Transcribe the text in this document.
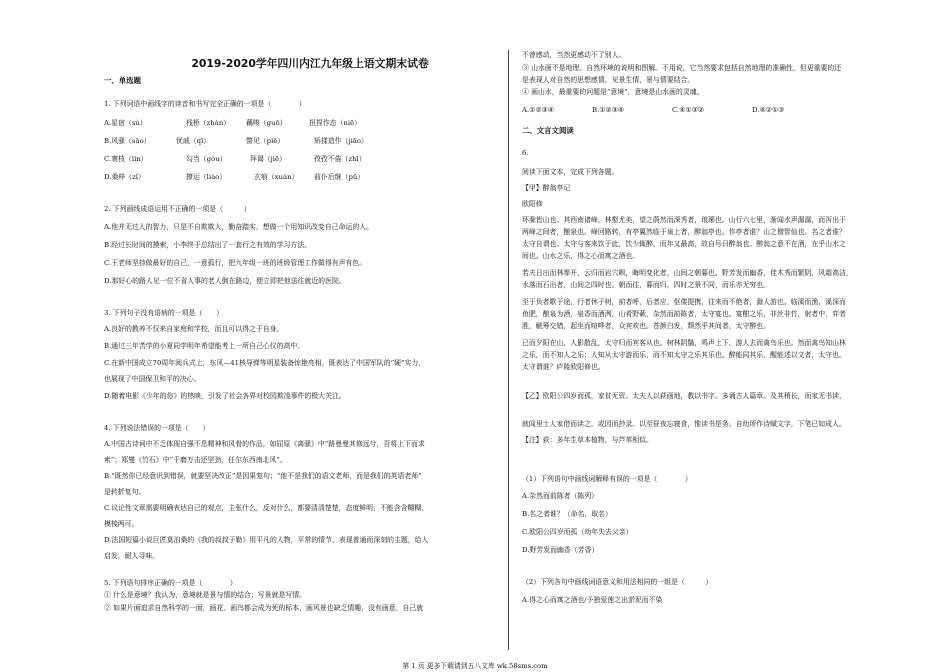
2019-2020学年四川内江九年级上语文期末试卷
一、单选题
1. 下列词语中画线字的读音和书写完全正确的一项是（　　　　）
A.星宿（sù）	栈桥（zhàn） 藕唆（guō）	扭捏作态（niē）
B.风骚（sāo）	忧戚（qī）	瞥见（piē）	矫揉造作（jiāo）
C.寰枝（lín）	勾当（gòu）	拜谒（jiē）	孜孜不倦（zhī）
D.桑梓（zǐ）	撩运（liáo）	玄痕（xuán） 前仆后继（pū）
2. 下列画线成语运用不正确的一项是（　　　）
A.他并无过人的智力，只是不自欺欺人，勤奋踏实，想做一个用知识改变自己命运的人。
B.经过长时间的摸索，小李终于总结出了一套行之有效的学习方法。
C.王老师坚持做最好的自己，一意孤行，把九年级一班的班级管理工作做得有声有色。
D.那好心的路人见一位不省人事的老人倒在路边，便立即把他送往就近的医院。
3. 下列句子没有语病的一项是（　　）
A.良好的教养不仅来自家庭和学校，而且可以得之于自身。
B.通过三年苦学的小夏同学明年希望能考上一所自己心仪的高中。
C.在新中国成立70周年阅兵式上，东风—41核导弹等明星装备惊艳亮相，既表达了中国军队的“硬”实力，
也展现了中国保卫和平的决心。
D.随着电影《少年的你》的热映，引发了社会各界对校园欺凌事件的极大关注。
4. 下列说法错误的一项是（　　）
A.中国古诗词中不乏体现自强不息精神和风骨的作品，如屈原《离骚》中“路曼曼其修远兮，吾将上下而求
索”；郑燮《竹石》中“千磨万击还坚劲，任尔东西南北风”。
B.“既然你已经意识到错误，就要坚决改正”是因果复句；“他不是我们的语文老师，而是我们的英语老师”
是转折复句。
C.议论性文章需要明确表达自己的观点，主张什么，反对什么，都要清清楚楚，态度鲜明，不能含含糊糊，
模棱两可。
D.法国短篇小说巨匠莫泊桑的《我的叔叔于勒》用平凡的人物，平常的情节，表现普通而深刻的主题，给人
启发，耐人寻味。
5. 下列语句排序正确的一项是（　　　　）
① 什么是意境？我认为，意境就是景与情的结合；写景就是写情。
② 如果片面追求自然科学的一面，画花、画鸟都会成为死的标本，画风景也缺乏情趣，没有画意，自己就
不曾感动，当然更感动不了别人。
③ 山水画不是地理、自然环境的说明和图解。不用说，它当然要求包括自然地理的准确性，但更重要的还
是表现人对自然的思想感情，见景生情，景与情要结合。
④ 画山水，最重要的问题是“意境”，意境是山水画的灵魂。
A.①②③④	B.①②③④	C.④①③②	D.④②①③
二、文言文阅读
6.
阅读下面文本，完成下列各题。
【甲】醉翁亭记
欧阳修
环滁皆山也。其西南诸峰，林壑尤美，望之蔚然而深秀者，琅琊也。山行六七里，渐闻水声潺潺，而泻出于
两峰之间者，酿泉也。峰回路转，有亭翼然临于泉上者，醉翁亭也。作亭者谁？山之僧智仙也。名之者谁？
太守自谓也。太守与客来饮于此，饮少辄醉，而年又最高，故自号曰醉翁也。醉翁之意不在酒，在乎山水之
间也。山水之乐，得之心而寓之酒也。
若夫日出而林霏开，云归而岩穴暝，晦明变化者，山间之朝暮也。野芳发而幽香，佳木秀而繁阴，风霜高洁，
水落而石出者，山间之四时也。朝而往，暮而归，四时之景不同，而乐亦无穷也。
至于负者歌于途，行者休于树，前者呼，后者应，伛偻提携，往来而不绝者，滁人游也。临溪而渔，溪深而
鱼肥，酿泉为酒，泉香而酒洌，山肴野蔌，杂然而前陈者，太守宴也。宴酣之乐，非丝非竹，射者中，弈者
胜，觥筹交错，起坐而喧哗者，众宾欢也。苍颜白发，颓然乎其间者，太守醉也。
已而夕阳在山，人影散乱，太守归而宾客从也。树林阴翳，鸣声上下，游人去而禽鸟乐也。然而禽鸟知山林
之乐，而不知人之乐；人知从太守游而乐，而不知太守之乐其乐也。醉能同其乐，醒能述以文者，太守也。
太守谓谁？庐陵欧阳修也。
【乙】欧阳公四岁而孤，家贫无资。太夫人以荻画地，教以书字。多诵古人篇章。及其稍长，而家无书读，
就闾里士人家借而读之，或因而抄录。以至昼夜忘寝食，惟读书是务。自幼所作诗赋文字，下笔已如成人。
【注】荻：多年生草本植物，与芦苇相似。
（1）下列语句中画线词解释有误的一项是（　　　　）
A.杂然而前陈者（陈列）
B.名之者谁？（命名，取名）
C.欧阳公四岁而孤（幼年失去父亲）
D.野芳发而幽香（芳香）
（2）下列各句中画线词语意义和用法相同的一组是（　　　）
A.得之心而寓之酒也/予独爱莲之出淤泥而不染
第 1 页 更多下载请到五八文库 wk.58sms.com
